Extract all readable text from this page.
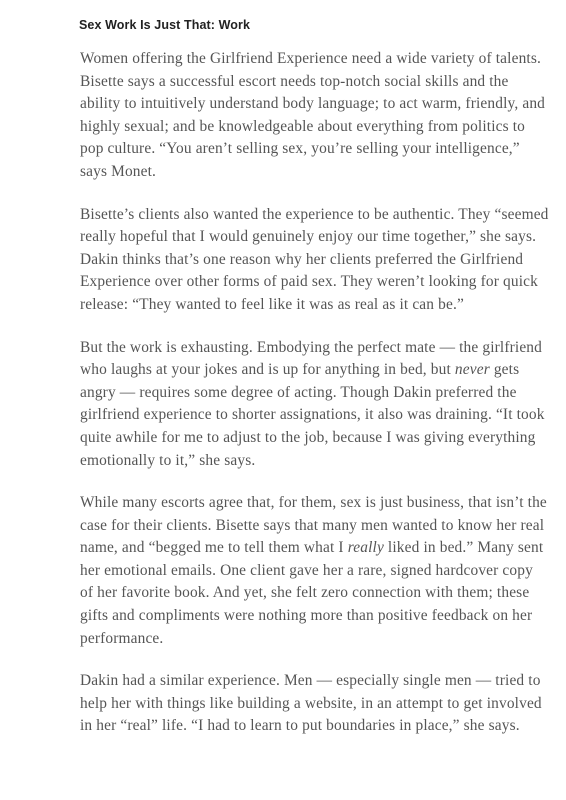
Sex Work Is Just That: Work

Women offering the Girlfriend Experience need a wide variety of talents. Bisette says a successful escort needs top-notch social skills and the ability to intuitively understand body language; to act warm, friendly, and highly sexual; and be knowledgeable about everything from politics to pop culture. “You aren’t selling sex, you’re selling your intelligence,” says Monet.

Bisette’s clients also wanted the experience to be authentic. They “seemed really hopeful that I would genuinely enjoy our time together,” she says. Dakin thinks that’s one reason why her clients preferred the Girlfriend Experience over other forms of paid sex. They weren’t looking for quick release: “They wanted to feel like it was as real as it can be.”

But the work is exhausting. Embodying the perfect mate — the girlfriend who laughs at your jokes and is up for anything in bed, but never gets angry — requires some degree of acting. Though Dakin preferred the girlfriend experience to shorter assignations, it also was draining. “It took quite awhile for me to adjust to the job, because I was giving everything emotionally to it,” she says.

While many escorts agree that, for them, sex is just business, that isn’t the case for their clients. Bisette says that many men wanted to know her real name, and “begged me to tell them what I really liked in bed.” Many sent her emotional emails. One client gave her a rare, signed hardcover copy of her favorite book. And yet, she felt zero connection with them; these gifts and compliments were nothing more than positive feedback on her performance.

Dakin had a similar experience. Men — especially single men — tried to help her with things like building a website, in an attempt to get involved in her “real” life. “I had to learn to put boundaries in place,” she says.
